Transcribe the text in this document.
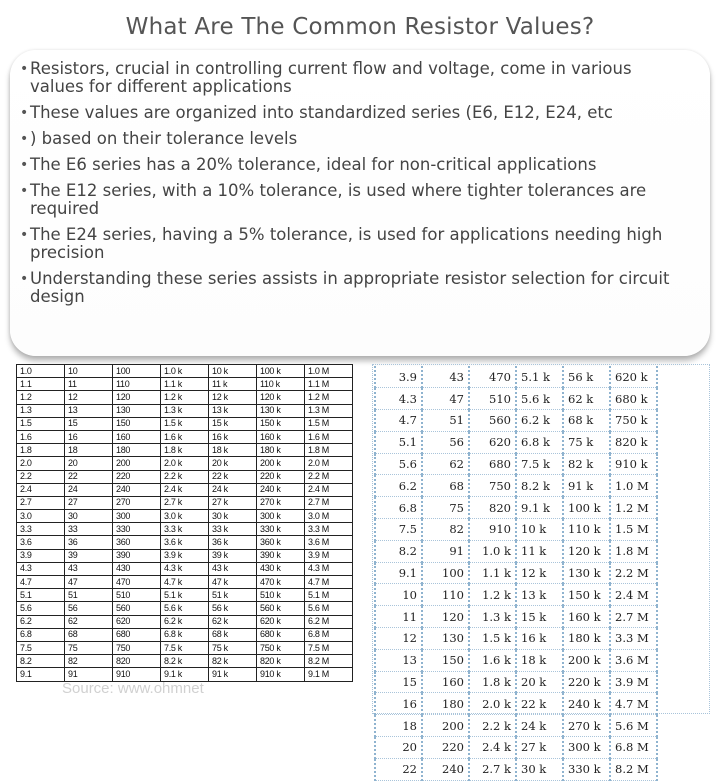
What Are The Common Resistor Values?
• Resistors, crucial in controlling current flow and voltage, come in various values for different applications
• These values are organized into standardized series (E6, E12, E24, etc
• ) based on their tolerance levels
• The E6 series has a 20% tolerance, ideal for non-critical applications
• The E12 series, with a 10% tolerance, is used where tighter tolerances are required
• The E24 series, having a 5% tolerance, is used for applications needing high precision
• Understanding these series assists in appropriate resistor selection for circuit design
1.0	10	100	1.0 k	10 k	100 k	1.0 M
1.1	11	110	1.1 k	11 k	110 k	1.1 M
1.2	12	120	1.2 k	12 k	120 k	1.2 M
1.3	13	130	1.3 k	13 k	130 k	1.3 M
1.5	15	150	1.5 k	15 k	150 k	1.5 M
1.6	16	160	1.6 k	16 k	160 k	1.6 M
1.8	18	180	1.8 k	18 k	180 k	1.8 M
2.0	20	200	2.0 k	20 k	200 k	2.0 M
2.2	22	220	2.2 k	22 k	220 k	2.2 M
2.4	24	240	2.4 k	24 k	240 k	2.4 M
2.7	27	270	2.7 k	27 k	270 k	2.7 M
3.0	30	300	3.0 k	30 k	300 k	3.0 M
3.3	33	330	3.3 k	33 k	330 k	3.3 M
3.6	36	360	3.6 k	36 k	360 k	3.6 M
3.9	39	390	3.9 k	39 k	390 k	3.9 M
4.3	43	430	4.3 k	43 k	430 k	4.3 M
4.7	47	470	4.7 k	47 k	470 k	4.7 M
5.1	51	510	5.1 k	51 k	510 k	5.1 M
5.6	56	560	5.6 k	56 k	560 k	5.6 M
6.2	62	620	6.2 k	62 k	620 k	6.2 M
6.8	68	680	6.8 k	68 k	680 k	6.8 M
7.5	75	750	7.5 k	75 k	750 k	7.5 M
8.2	82	820	8.2 k	82 k	820 k	8.2 M
9.1	91	910	9.1 k	91 k	910 k	9.1 M
3.9	43	470	5.1 k	56 k	620 k
4.3	47	510	5.6 k	62 k	680 k
4.7	51	560	6.2 k	68 k	750 k
5.1	56	620	6.8 k	75 k	820 k
5.6	62	680	7.5 k	82 k	910 k
6.2	68	750	8.2 k	91 k	1.0 M
6.8	75	820	9.1 k	100 k	1.2 M
7.5	82	910	10 k	110 k	1.5 M
8.2	91	1.0 k	11 k	120 k	1.8 M
9.1	100	1.1 k	12 k	130 k	2.2 M
10	110	1.2 k	13 k	150 k	2.4 M
11	120	1.3 k	15 k	160 k	2.7 M
12	130	1.5 k	16 k	180 k	3.3 M
13	150	1.6 k	18 k	200 k	3.6 M
15	160	1.8 k	20 k	220 k	3.9 M
16	180	2.0 k	22 k	240 k	4.7 M
18	200	2.2 k	24 k	270 k	5.6 M
20	220	2.4 k	27 k	300 k	6.8 M
22	240	2.7 k	30 k	330 k	8.2 M
Source: www.ohmnet
